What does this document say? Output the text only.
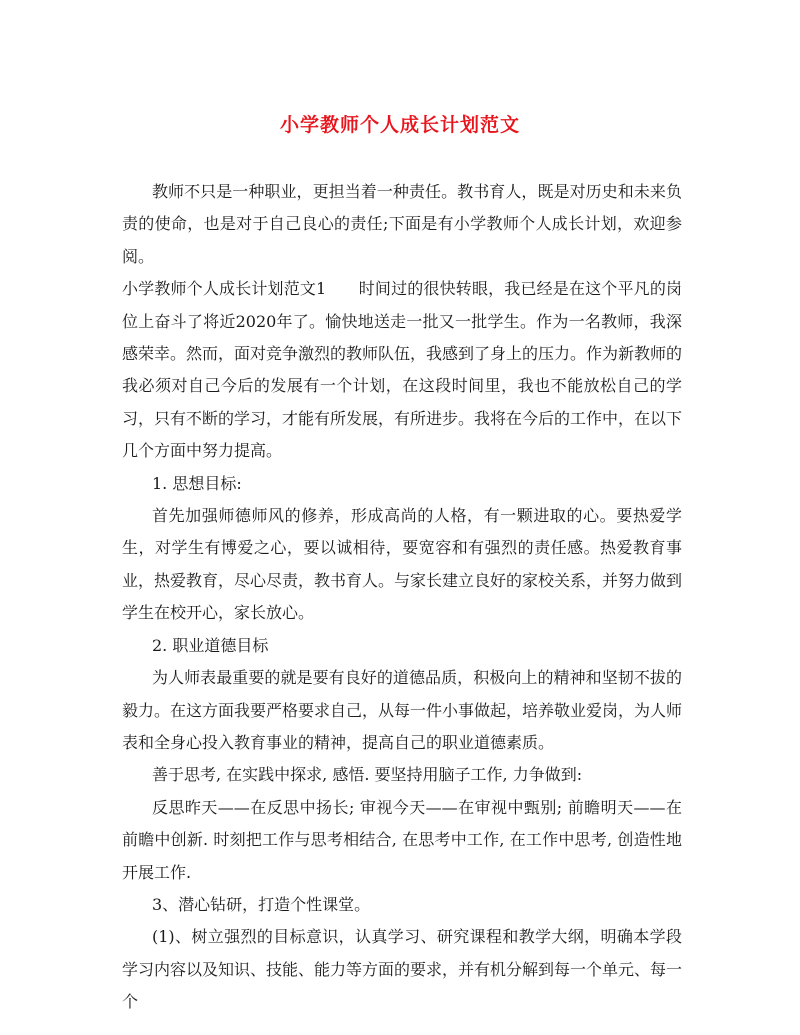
小学教师个人成长计划范文

教师不只是一种职业，更担当着一种责任。教书育人，既是对历史和未来负责的使命，也是对于自己良心的责任;下面是有小学教师个人成长计划，欢迎参阅。

小学教师个人成长计划范文1　　时间过的很快转眼，我已经是在这个平凡的岗位上奋斗了将近2020年了。愉快地送走一批又一批学生。作为一名教师，我深感荣幸。然而，面对竞争激烈的教师队伍，我感到了身上的压力。作为新教师的我必须对自己今后的发展有一个计划，在这段时间里，我也不能放松自己的学习，只有不断的学习，才能有所发展，有所进步。我将在今后的工作中，在以下几个方面中努力提高。

1. 思想目标:

首先加强师德师风的修养，形成高尚的人格，有一颗进取的心。要热爱学生，对学生有博爱之心，要以诚相待，要宽容和有强烈的责任感。热爱教育事业，热爱教育，尽心尽责，教书育人。与家长建立良好的家校关系，并努力做到学生在校开心，家长放心。

2. 职业道德目标

为人师表最重要的就是要有良好的道德品质，积极向上的精神和坚韧不拔的毅力。在这方面我要严格要求自己，从每一件小事做起，培养敬业爱岗，为人师表和全身心投入教育事业的精神，提高自己的职业道德素质。

善于思考, 在实践中探求, 感悟. 要坚持用脑子工作, 力争做到:

反思昨天——在反思中扬长; 审视今天——在审视中甄别; 前瞻明天——在前瞻中创新. 时刻把工作与思考相结合, 在思考中工作, 在工作中思考, 创造性地开展工作.

3、潜心钻研，打造个性课堂。

(1)、树立强烈的目标意识，认真学习、研究课程和教学大纲，明确本学段学习内容以及知识、技能、能力等方面的要求，并有机分解到每一个单元、每一个
